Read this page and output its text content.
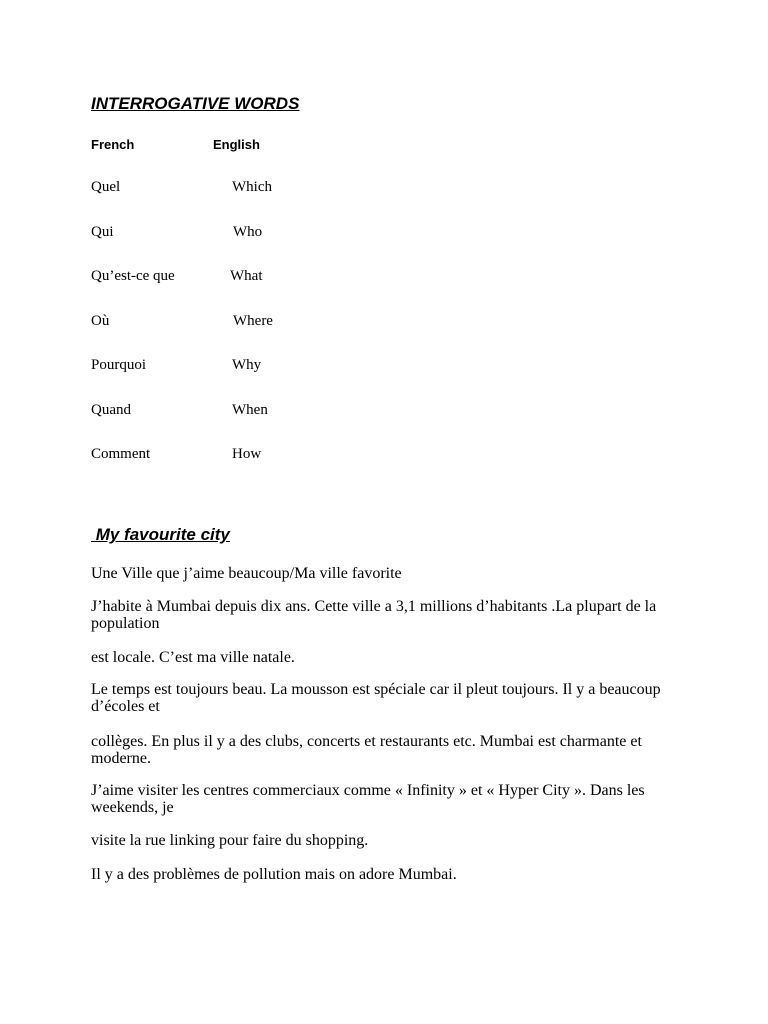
INTERROGATIVE WORDS
French	English
Quel	Which
Qui	Who
Qu’est-ce que	What
Où	Where
Pourquoi	Why
Quand	When
Comment	How
My favourite city
Une Ville que j’aime beaucoup/Ma ville favorite
J’habite à Mumbai depuis dix ans. Cette ville a 3,1 millions d’habitants .La plupart de la population
est locale. C’est ma ville natale.
Le temps est toujours beau. La mousson est spéciale car il pleut toujours. Il y a beaucoup d’écoles et
collèges. En plus il y a des clubs, concerts et restaurants etc. Mumbai est charmante et moderne.
J’aime visiter les centres commerciaux comme « Infinity » et « Hyper City ». Dans les weekends, je
visite la rue linking pour faire du shopping.
Il y a des problèmes de pollution mais on adore Mumbai.
